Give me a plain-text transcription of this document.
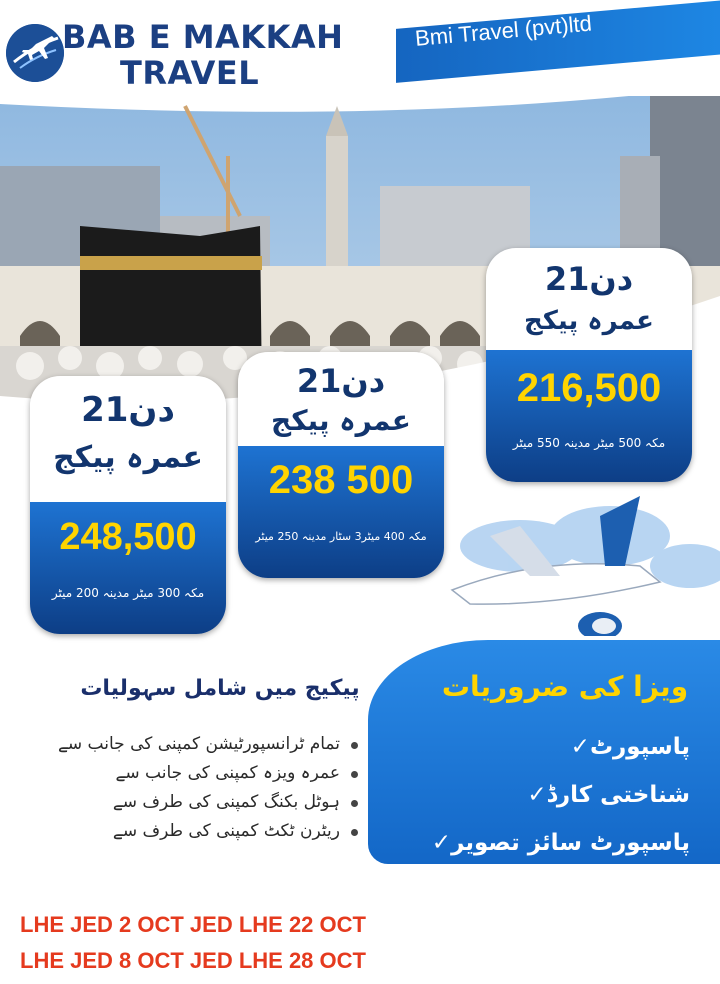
BAB E MAKKAH
TRAVEL
Bmi Travel (pvt)ltd
21دن
عمرہ پیکج
248,500
مکہ 300 میٹر مدینہ 200 میٹر
21دن
عمرہ پیکج
238 500
مکہ 400 میٹر3 سٹار مدینہ 250 میٹر
21دن
عمرہ پیکج
216,500
مکہ 500 میٹر مدینہ 550 میٹر
پیکیج میں شامل سہولیات
تمام ٹرانسپورٹیشن کمپنی کی جانب سے
عمرہ ویزہ کمپنی کی جانب سے
ہوٹل بکنگ کمپنی کی طرف سے
ریٹرن ٹکٹ کمپنی کی طرف سے
ویزا کی ضروریات
پاسپورٹ✓
شناختی کارڈ✓
پاسپورٹ سائز تصویر✓
LHE JED 2 OCT JED LHE 22 OCT
LHE JED 8 OCT JED LHE 28 OCT
